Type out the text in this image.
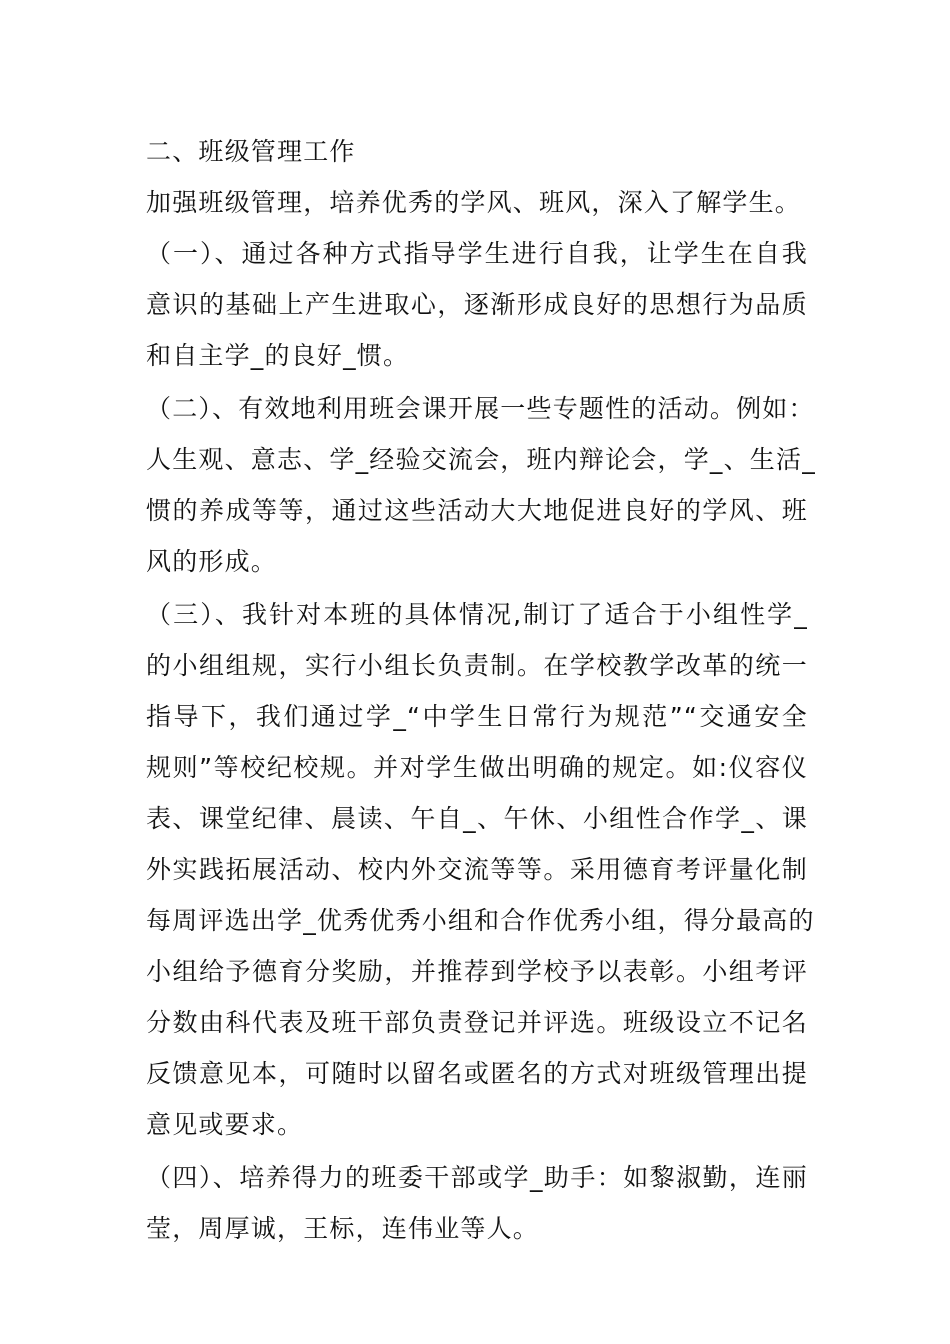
二、班级管理工作
加强班级管理，培养优秀的学风、班风，深入了解学生。
（一）、通过各种方式指导学生进行自我，让学生在自我
意识的基础上产生进取心，逐渐形成良好的思想行为品质
和自主学_的良好_惯。
（二）、有效地利用班会课开展一些专题性的活动。例如：
人生观、意志、学_经验交流会，班内辩论会，学_、生活_
惯的养成等等，通过这些活动大大地促进良好的学风、班
风的形成。
（三）、我针对本班的具体情况,制订了适合于小组性学_
的小组组规，实行小组长负责制。在学校教学改革的统一
指导下，我们通过学_“中学生日常行为规范”“交通安全
规则”等校纪校规。并对学生做出明确的规定。如:仪容仪
表、课堂纪律、晨读、午自_、午休、小组性合作学_、课
外实践拓展活动、校内外交流等等。采用德育考评量化制
每周评选出学_优秀优秀小组和合作优秀小组，得分最高的
小组给予德育分奖励，并推荐到学校予以表彰。小组考评
分数由科代表及班干部负责登记并评选。班级设立不记名
反馈意见本，可随时以留名或匿名的方式对班级管理出提
意见或要求。
（四）、培养得力的班委干部或学_助手：如黎淑勤，连丽
莹，周厚诚，王标，连伟业等人。
